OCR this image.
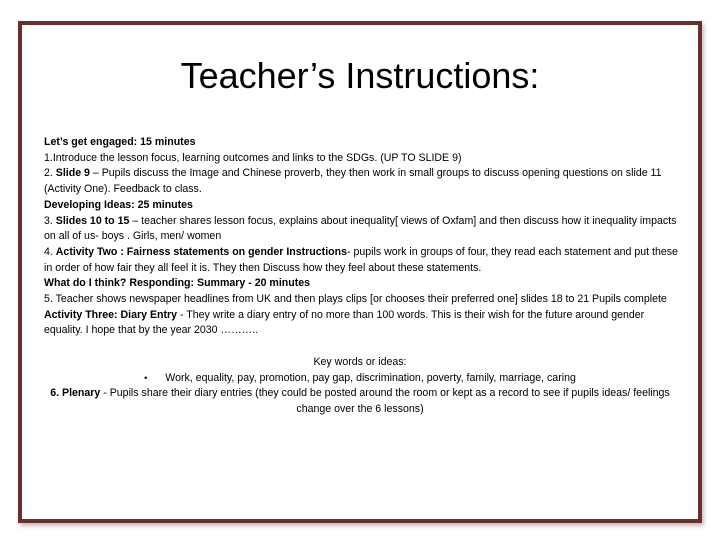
Teacher’s Instructions:

Let’s get engaged: 15 minutes

1.Introduce the lesson focus, learning outcomes and links to the SDGs. (UP TO SLIDE 9)

2. Slide 9 – Pupils discuss the Image and Chinese proverb, they then work in small groups to discuss opening questions on slide 11 (Activity One). Feedback to class.

Developing Ideas: 25 minutes

3. Slides 10 to 15 – teacher shares lesson focus, explains about inequality[ views of Oxfam] and then discuss how it inequality impacts on all of us- boys . Girls, men/ women

4. Activity Two : Fairness statements on gender Instructions- pupils work in groups of four, they read each statement and put these in order of how fair they all feel it is. They then Discuss how they feel about these statements.

What do I think? Responding: Summary - 20 minutes

5. Teacher shows newspaper headlines from UK and then plays clips [or chooses their preferred one] slides 18 to 21 Pupils complete Activity Three: Diary Entry - They write a diary entry of no more than 100 words. This is their wish for the future around gender equality. I hope that by the year 2030 ………..

Key words or ideas:

• Work, equality, pay, promotion, pay gap, discrimination, poverty, family, marriage, caring

6. Plenary - Pupils share their diary entries (they could be posted around the room or kept as a record to see if pupils ideas/ feelings change over the 6 lessons)
